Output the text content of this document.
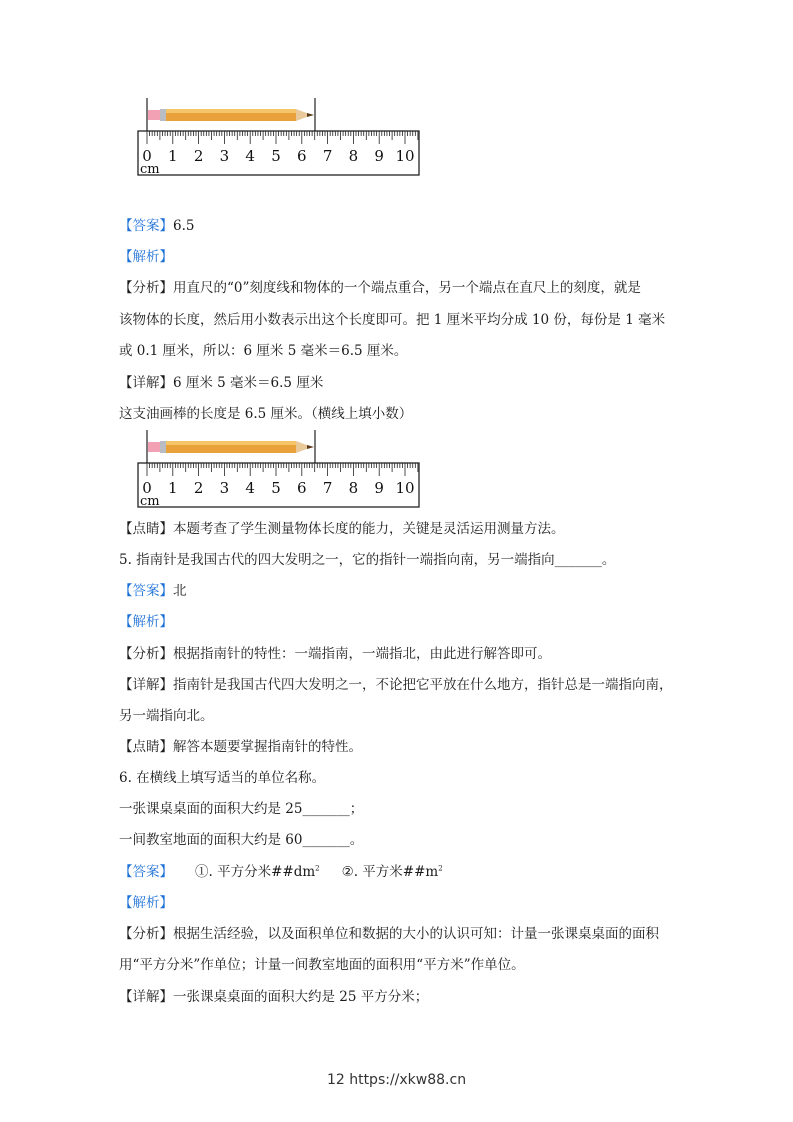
0 1 2 3 4 5 6 7 8 9 10
cm
【答案】6.5
【解析】
【分析】用直尺的“0”刻度线和物体的一个端点重合，另一个端点在直尺上的刻度，就是
该物体的长度，然后用小数表示出这个长度即可。把 1 厘米平均分成 10 份，每份是 1 毫米
或 0.1 厘米，所以：6 厘米 5 毫米＝6.5 厘米。
【详解】6 厘米 5 毫米＝6.5 厘米
这支油画棒的长度是 6.5 厘米。（横线上填小数）
0 1 2 3 4 5 6 7 8 9 10
cm
【点睛】本题考查了学生测量物体长度的能力，关键是灵活运用测量方法。
5. 指南针是我国古代的四大发明之一，它的指针一端指向南，另一端指向_______。
【答案】北
【解析】
【分析】根据指南针的特性：一端指南，一端指北，由此进行解答即可。
【详解】指南针是我国古代四大发明之一，不论把它平放在什么地方，指针总是一端指向南，
另一端指向北。
【点睛】解答本题要掌握指南针的特性。
6. 在横线上填写适当的单位名称。
一张课桌桌面的面积大约是 25_______；
一间教室地面的面积大约是 60_______。
【答案】 ①. 平方分米$\#\#dm^2$ ②. 平方米$\#\#m^2$
【解析】
【分析】根据生活经验，以及面积单位和数据的大小的认识可知：计量一张课桌桌面的面积
用“平方分米”作单位；计量一间教室地面的面积用“平方米”作单位。
【详解】一张课桌桌面的面积大约是 25 平方分米；
12 https://xkw88.cn
